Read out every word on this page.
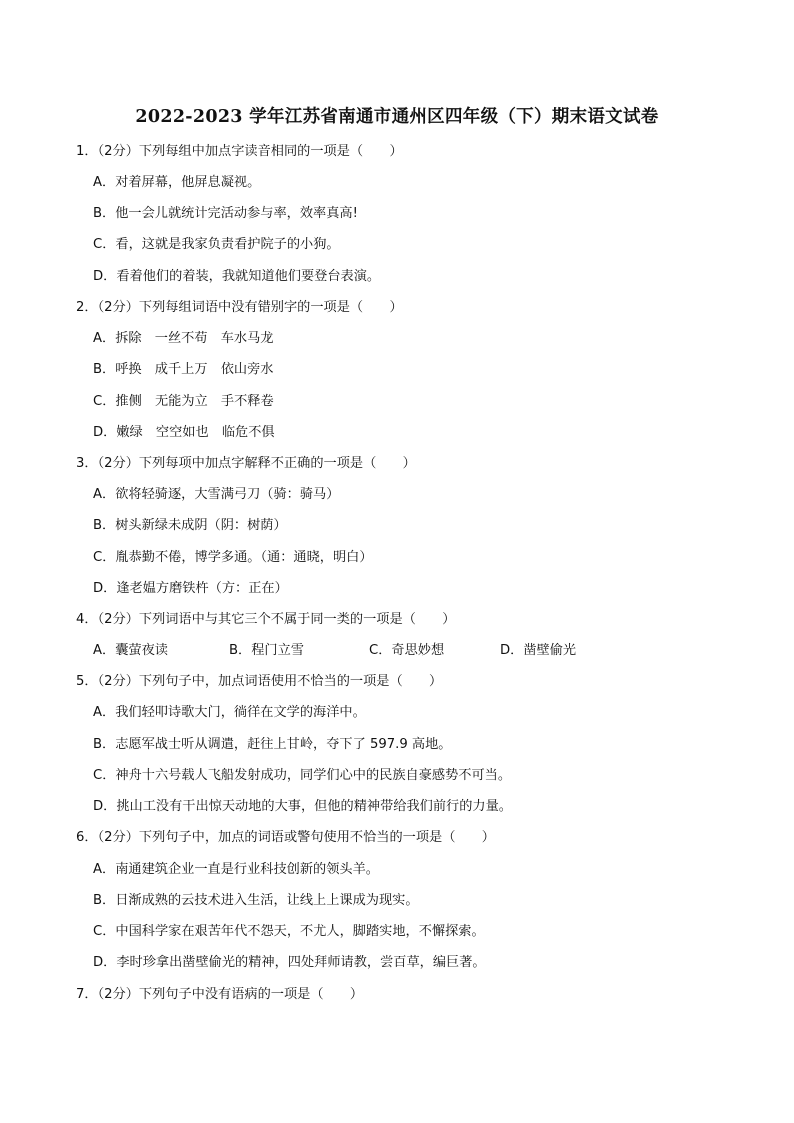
2022-2023 学年江苏省南通市通州区四年级（下）期末语文试卷
1．（2分）下列每组中加点字读音相同的一项是（　　）
A．对着屏幕，他屏息凝视。
B．他一会儿就统计完活动参与率，效率真高!
C．看，这就是我家负责看护院子的小狗。
D．看着他们的着装，我就知道他们要登台表演。
2．（2分）下列每组词语中没有错别字的一项是（　　）
A．拆除　一丝不苟　车水马龙
B．呼换　成千上万　依山旁水
C．推侧　无能为立　手不释卷
D．嫩绿　空空如也　临危不俱
3．（2分）下列每项中加点字解释不正确的一项是（　　）
A．欲将轻骑逐，大雪满弓刀（骑：骑马）
B．树头新绿未成阴（阴：树荫）
C．胤恭勤不倦，博学多通。（通：通晓，明白）
D．逢老媪方磨铁杵（方：正在）
4．（2分）下列词语中与其它三个不属于同一类的一项是（　　）
A．囊萤夜读	B．程门立雪	C．奇思妙想	D．凿壁偷光
5．（2分）下列句子中，加点词语使用不恰当的一项是（　　）
A．我们轻叩诗歌大门，徜徉在文学的海洋中。
B．志愿军战士听从调遣，赶往上甘岭，夺下了 597.9 高地。
C．神舟十六号载人飞船发射成功，同学们心中的民族自豪感势不可当。
D．挑山工没有干出惊天动地的大事，但他的精神带给我们前行的力量。
6．（2分）下列句子中，加点的词语或警句使用不恰当的一项是（　　）
A．南通建筑企业一直是行业科技创新的领头羊。
B．日渐成熟的云技术进入生活，让线上上课成为现实。
C．中国科学家在艰苦年代不怨天，不尤人，脚踏实地，不懈探索。
D．李时珍拿出凿壁偷光的精神，四处拜师请教，尝百草，编巨著。
7．（2分）下列句子中没有语病的一项是（　　）
